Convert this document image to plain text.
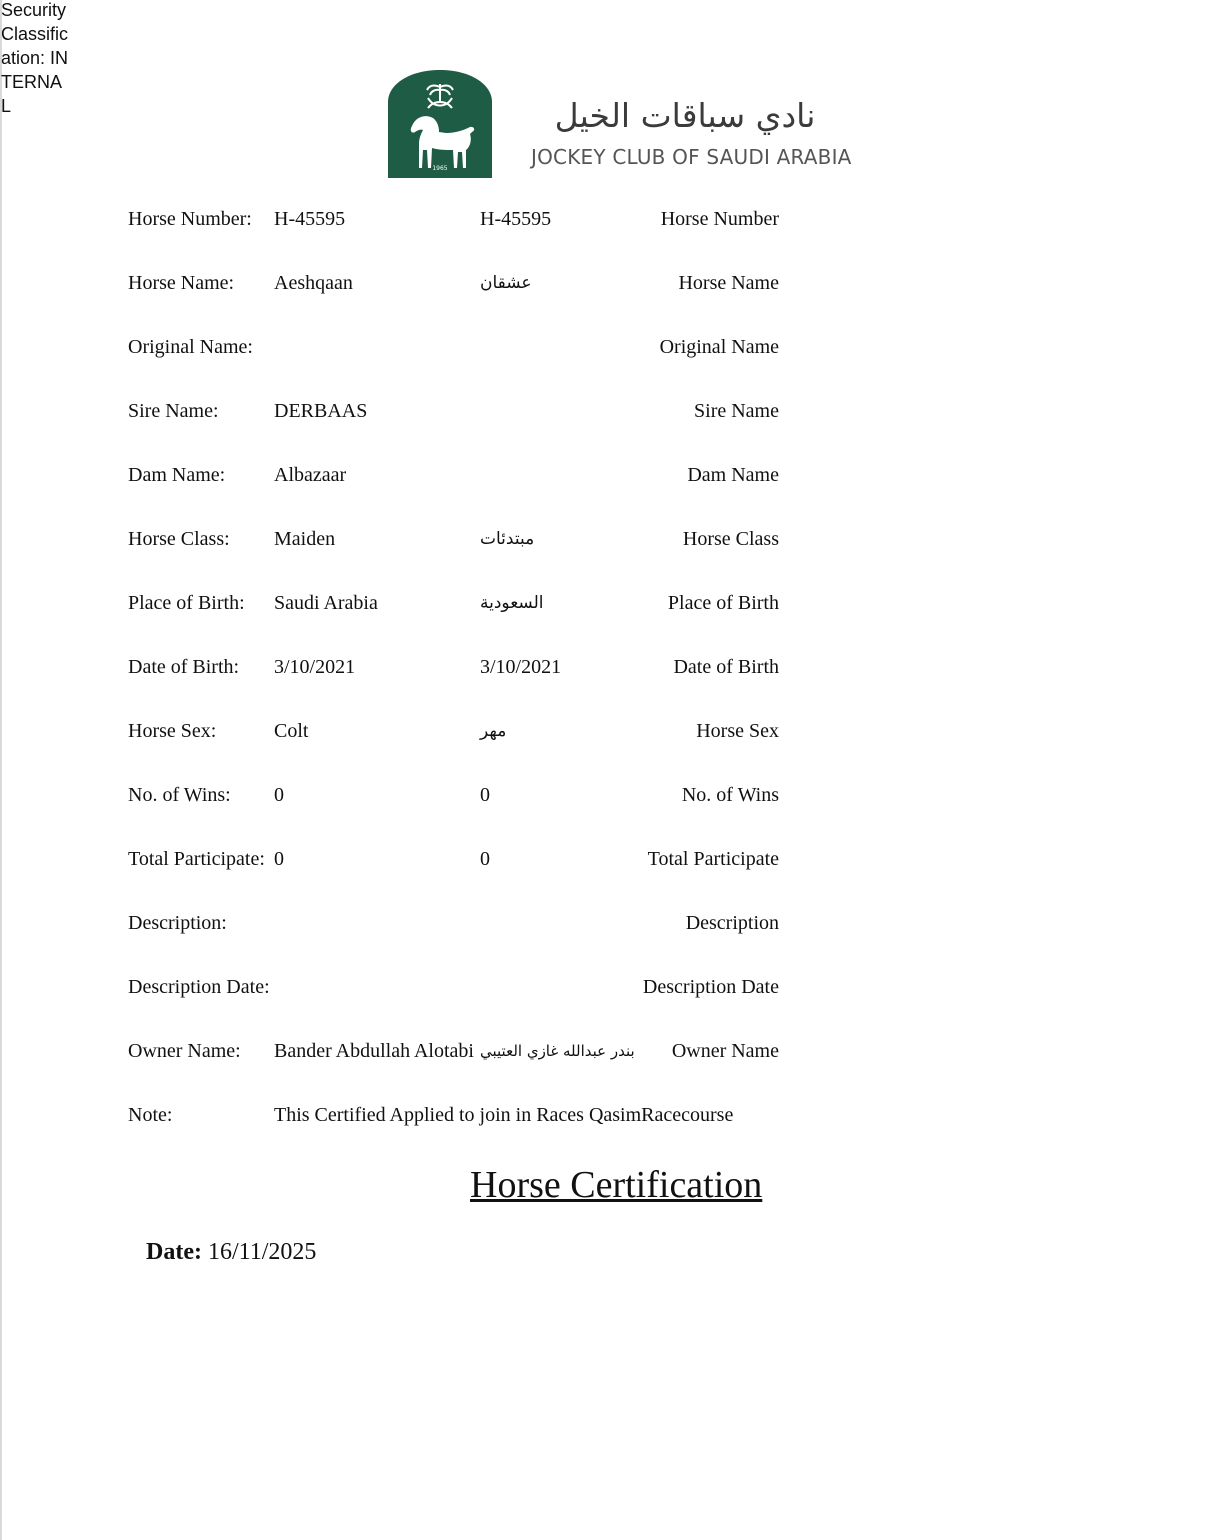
Security Classification: INTERNAL
1965
نادي سباقات الخيل
JOCKEY CLUB OF SAUDI ARABIA
Horse Number: H-45595	H-45595	Horse Number
Horse Name: Aeshqaan	عشقان	Horse Name
Original Name:	Original Name
Sire Name:	DERBAAS	Sire Name
Dam Name: Albazaar	Dam Name
Horse Class: Maiden	مبتدئات	Horse Class
Place of Birth: Saudi Arabia	السعودية	Place of Birth
Date of Birth: 3/10/2021	3/10/2021	Date of Birth
Horse Sex:	Colt	مهر	Horse Sex
No. of Wins: 0	0	No. of Wins
Total Participate: 0	0	Total Participate
Description:	Description
Description Date:	Description Date
Owner Name: Bander Abdullah Alotabi بندر عبدالله غازي العتيبي Owner Name
Note:	This Certified Applied to join in Races QasimRacecourse
Horse Certification
Date: 16/11/2025
